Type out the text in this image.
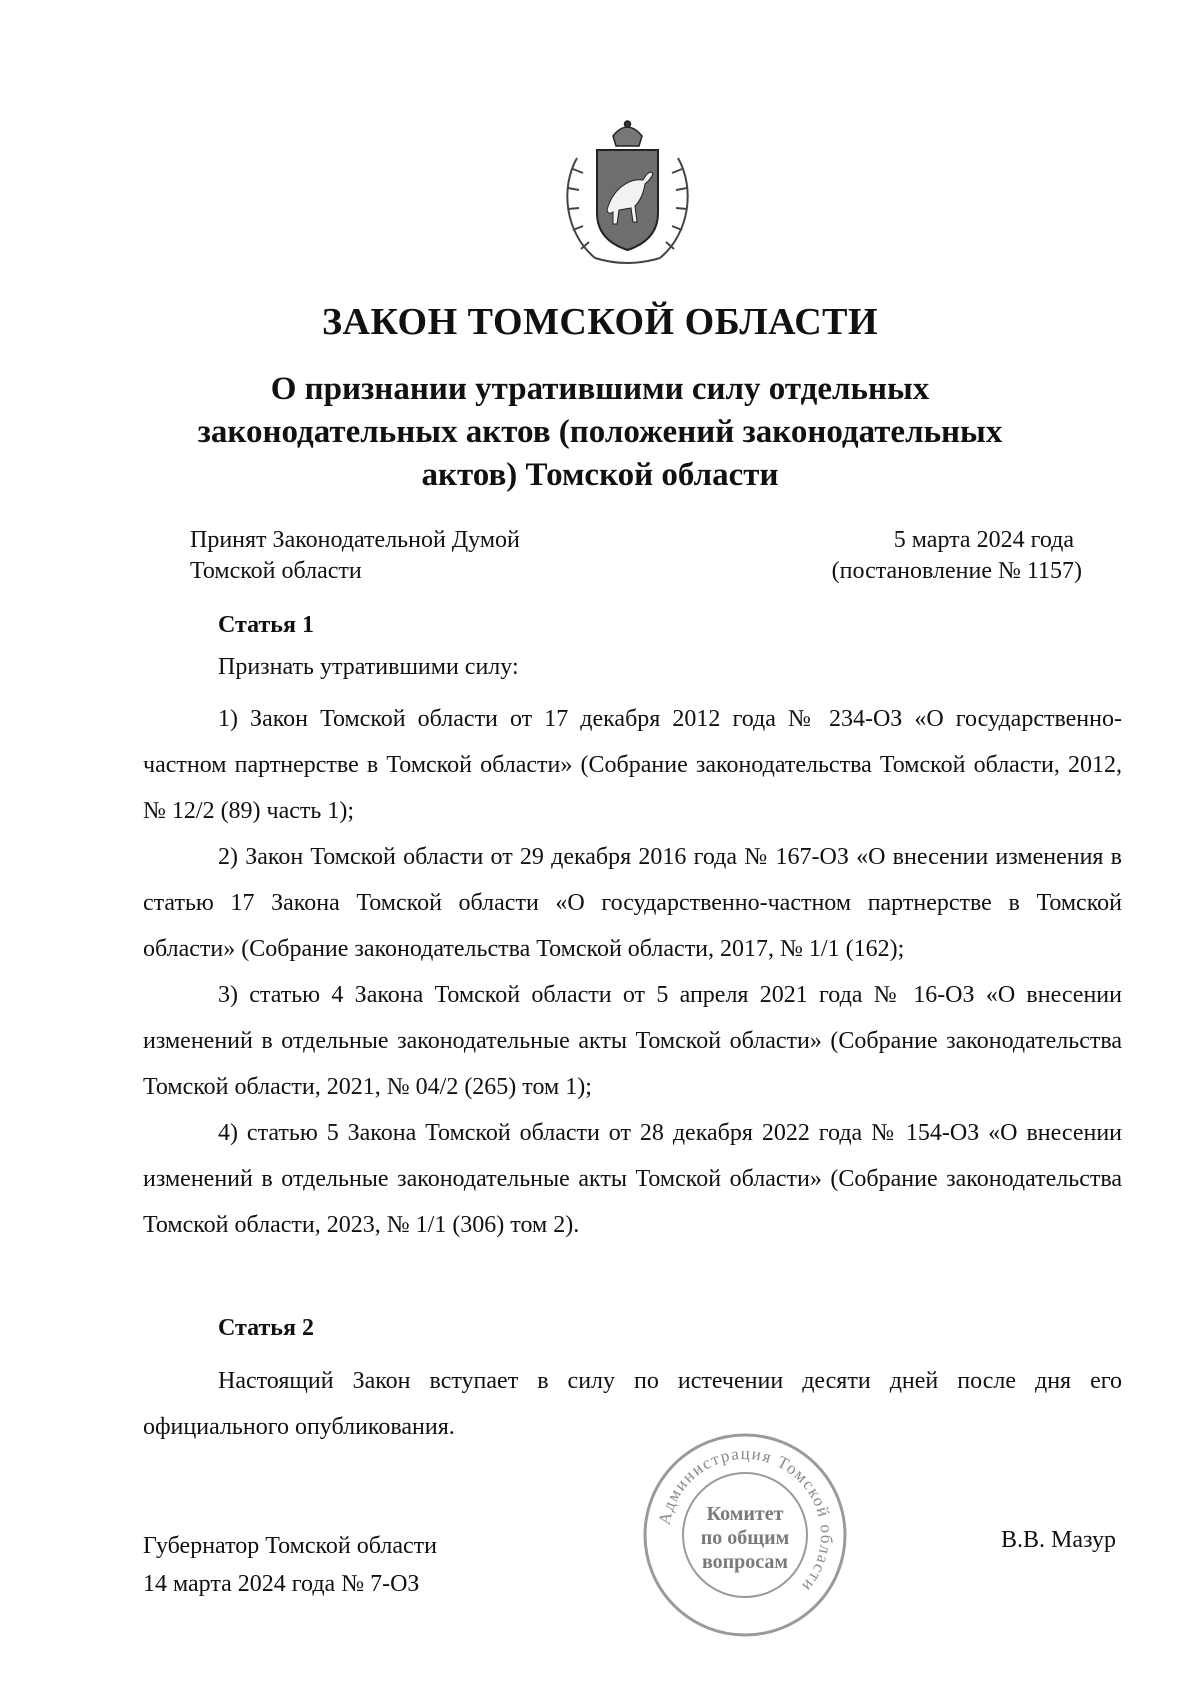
ЗАКОН ТОМСКОЙ ОБЛАСТИ
О признании утратившими силу отдельных законодательных актов (положений законодательных актов) Томской области
Принят Законодательной Думой
Томской области
5 марта 2024 года
(постановление № 1157)
Статья 1
Признать утратившими силу:

1) Закон Томской области от 17 декабря 2012 года № 234-ОЗ «О государственно-частном партнерстве в Томской области» (Собрание законодательства Томской области, 2012, № 12/2 (89) часть 1);

2) Закон Томской области от 29 декабря 2016 года № 167-ОЗ «О внесении изменения в статью 17 Закона Томской области «О государственно-частном партнерстве в Томской области» (Собрание законодательства Томской области, 2017, № 1/1 (162);

3) статью 4 Закона Томской области от 5 апреля 2021 года № 16-ОЗ «О внесении изменений в отдельные законодательные акты Томской области» (Собрание законодательства Томской области, 2021, № 04/2 (265) том 1);

4) статью 5 Закона Томской области от 28 декабря 2022 года № 154-ОЗ «О внесении изменений в отдельные законодательные акты Томской области» (Собрание законодательства Томской области, 2023, № 1/1 (306) том 2).

Статья 2

Настоящий Закон вступает в силу по истечении десяти дней после дня его официального опубликования.

Губернатор Томской области
14 марта 2024 года № 7-ОЗ
В.В. Мазур
Администрация Томской области
Комитет
по общим
вопросам
